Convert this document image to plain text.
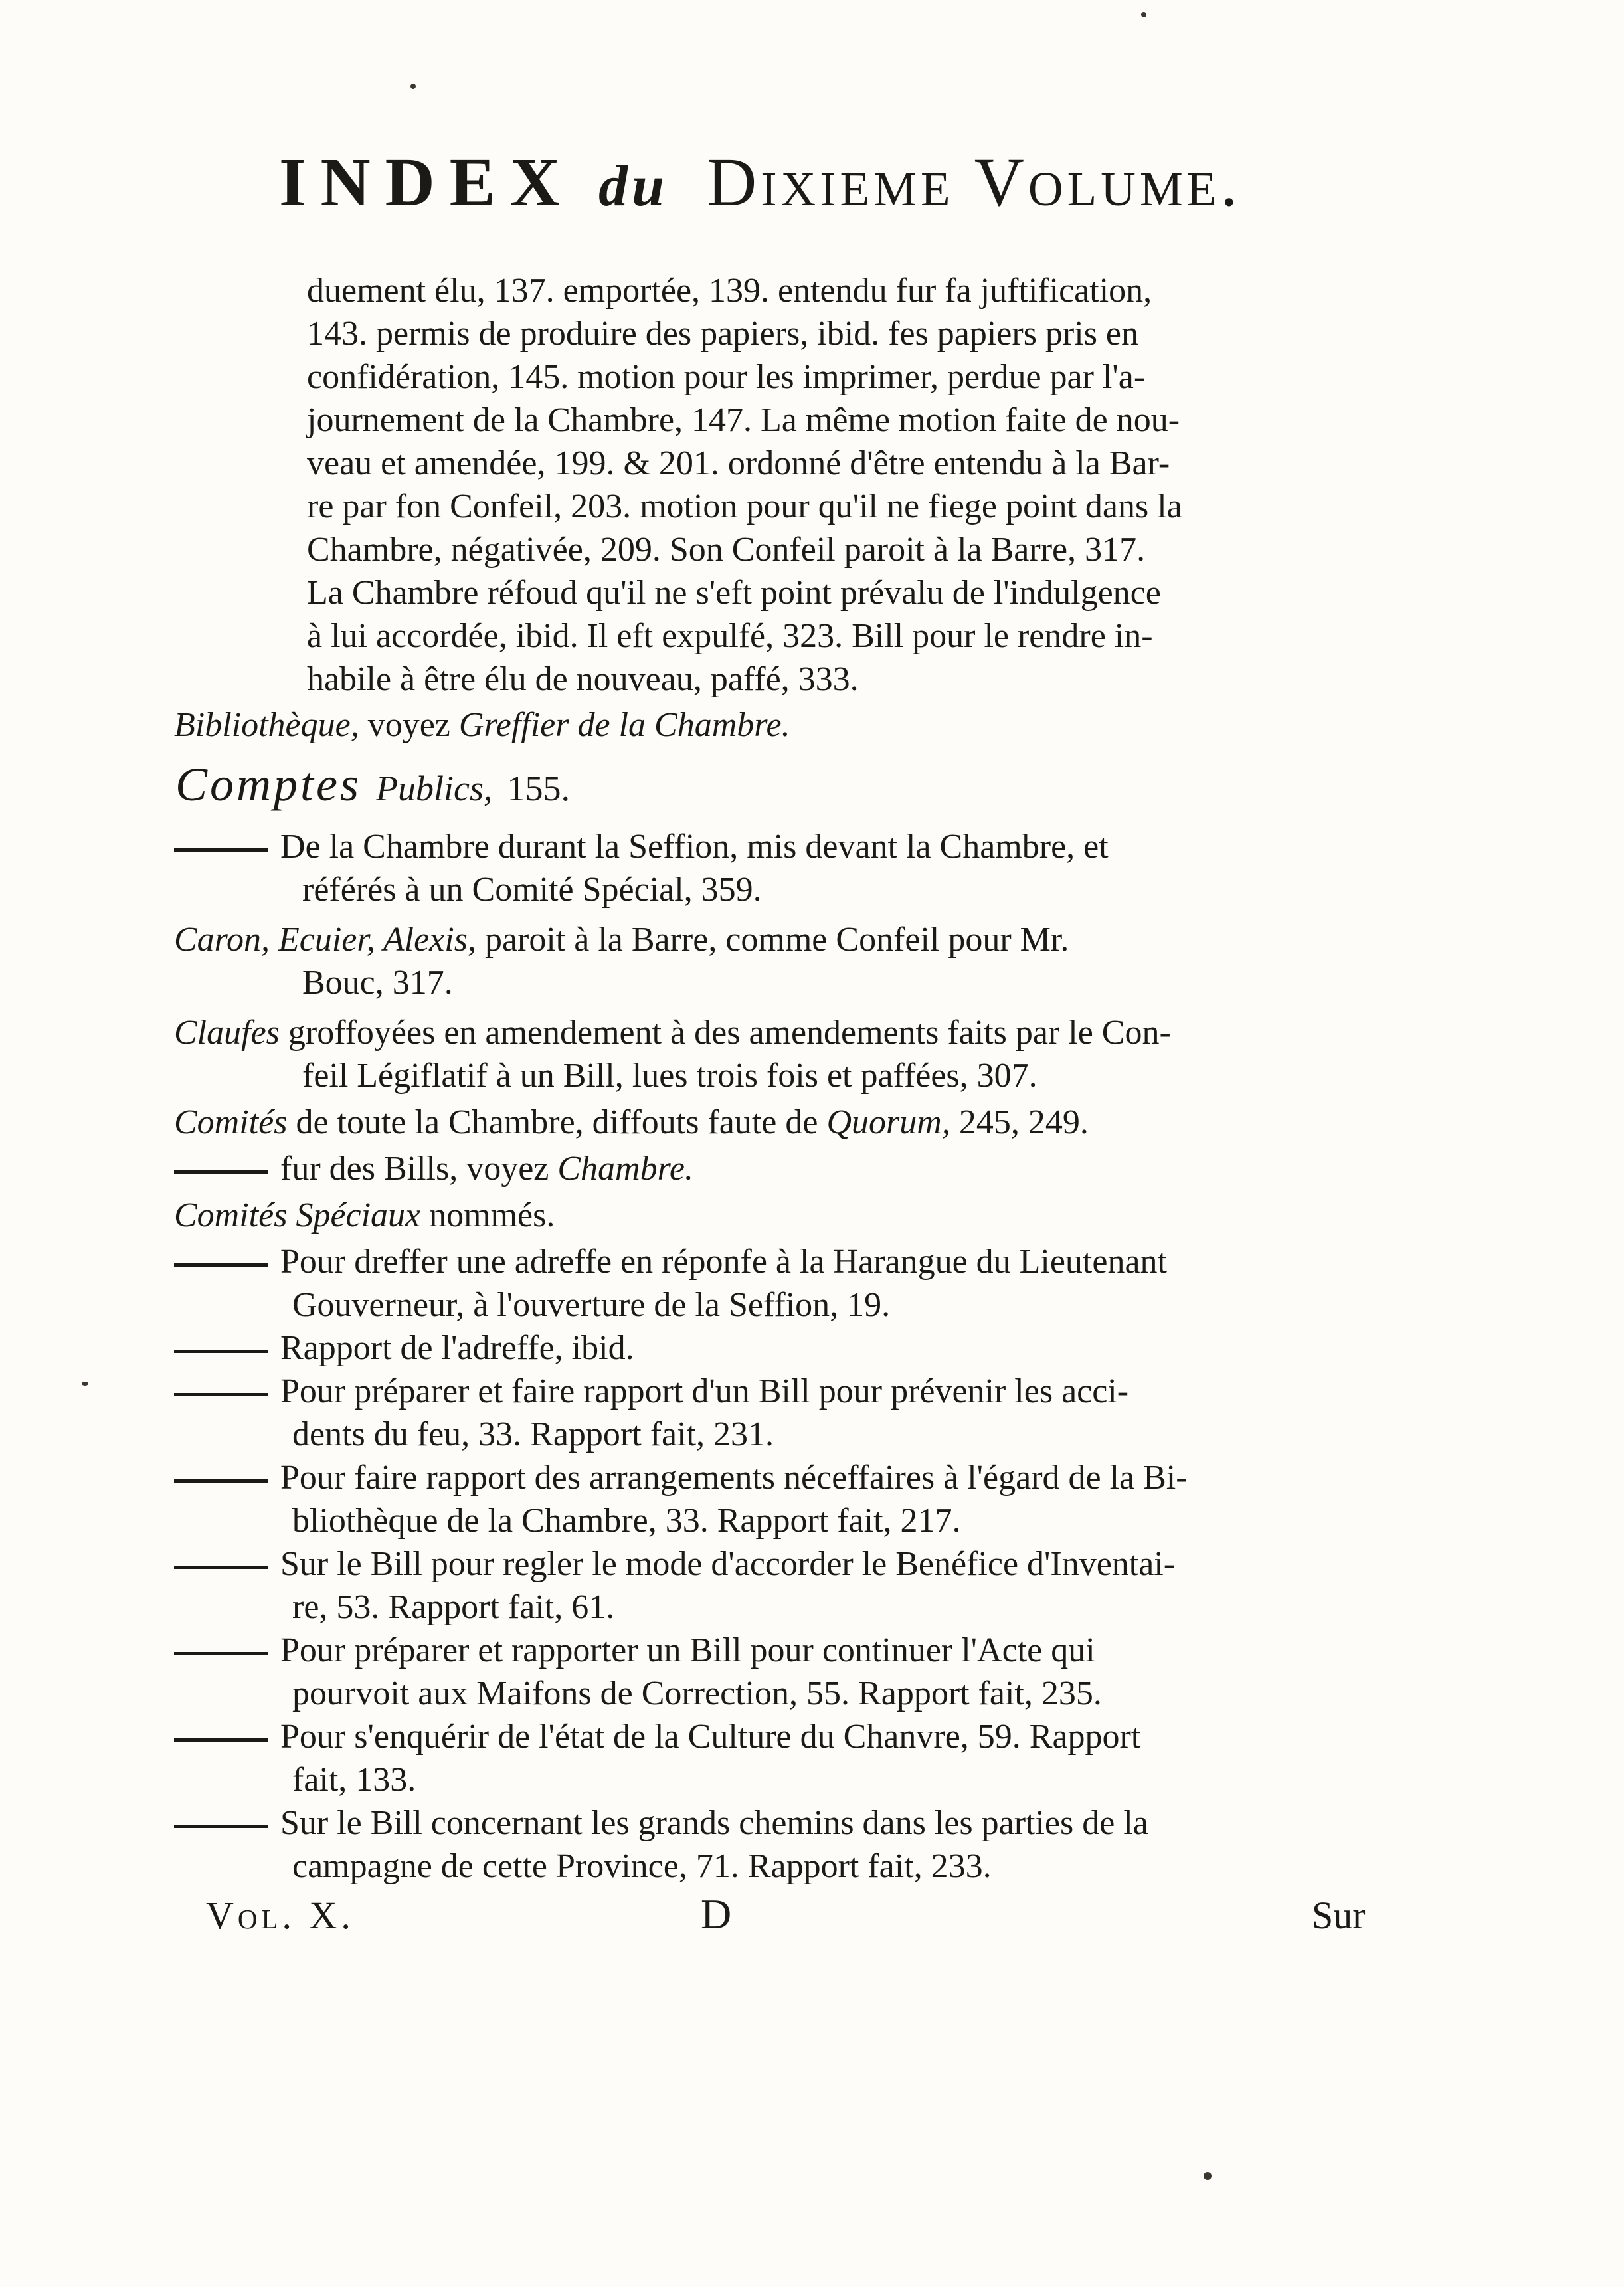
INDEX du Dixieme Volume.
duement élu, 137. emportée, 139. entendu fur fa juftification,
143. permis de produire des papiers, ibid. fes papiers pris en
confidération, 145. motion pour les imprimer, perdue par l'a-
journement de la Chambre, 147. La même motion faite de nou-
veau et amendée, 199. & 201. ordonné d'être entendu à la Bar-
re par fon Confeil, 203. motion pour qu'il ne fiege point dans la
Chambre, négativée, 209. Son Confeil paroit à la Barre, 317.
La Chambre réfoud qu'il ne s'eft point prévalu de l'indulgence
à lui accordée, ibid. Il eft expulfé, 323. Bill pour le rendre in-
habile à être élu de nouveau, paffé, 333.
Bibliothèque, voyez Greffier de la Chambre.
Comptes Publics, 155.
De la Chambre durant la Seffion, mis devant la Chambre, et
référés à un Comité Spécial, 359.
Caron, Ecuier, Alexis, paroit à la Barre, comme Confeil pour Mr.
Bouc, 317.
Claufes groffoyées en amendement à des amendements faits par le Con-
feil Légiflatif à un Bill, lues trois fois et paffées, 307.
Comités de toute la Chambre, diffouts faute de Quorum, 245, 249.
fur des Bills, voyez Chambre.
Comités Spéciaux nommés.
Pour dreffer une adreffe en réponfe à la Harangue du Lieutenant
Gouverneur, à l'ouverture de la Seffion, 19.
Rapport de l'adreffe, ibid.
Pour préparer et faire rapport d'un Bill pour prévenir les acci-
dents du feu, 33. Rapport fait, 231.
Pour faire rapport des arrangements néceffaires à l'égard de la Bi-
bliothèque de la Chambre, 33. Rapport fait, 217.
Sur le Bill pour regler le mode d'accorder le Benéfice d'Inventai-
re, 53. Rapport fait, 61.
Pour préparer et rapporter un Bill pour continuer l'Acte qui
pourvoit aux Maifons de Correction, 55. Rapport fait, 235.
Pour s'enquérir de l'état de la Culture du Chanvre, 59. Rapport
fait, 133.
Sur le Bill concernant les grands chemins dans les parties de la
campagne de cette Province, 71. Rapport fait, 233.
Vol. X.	D	Sur
